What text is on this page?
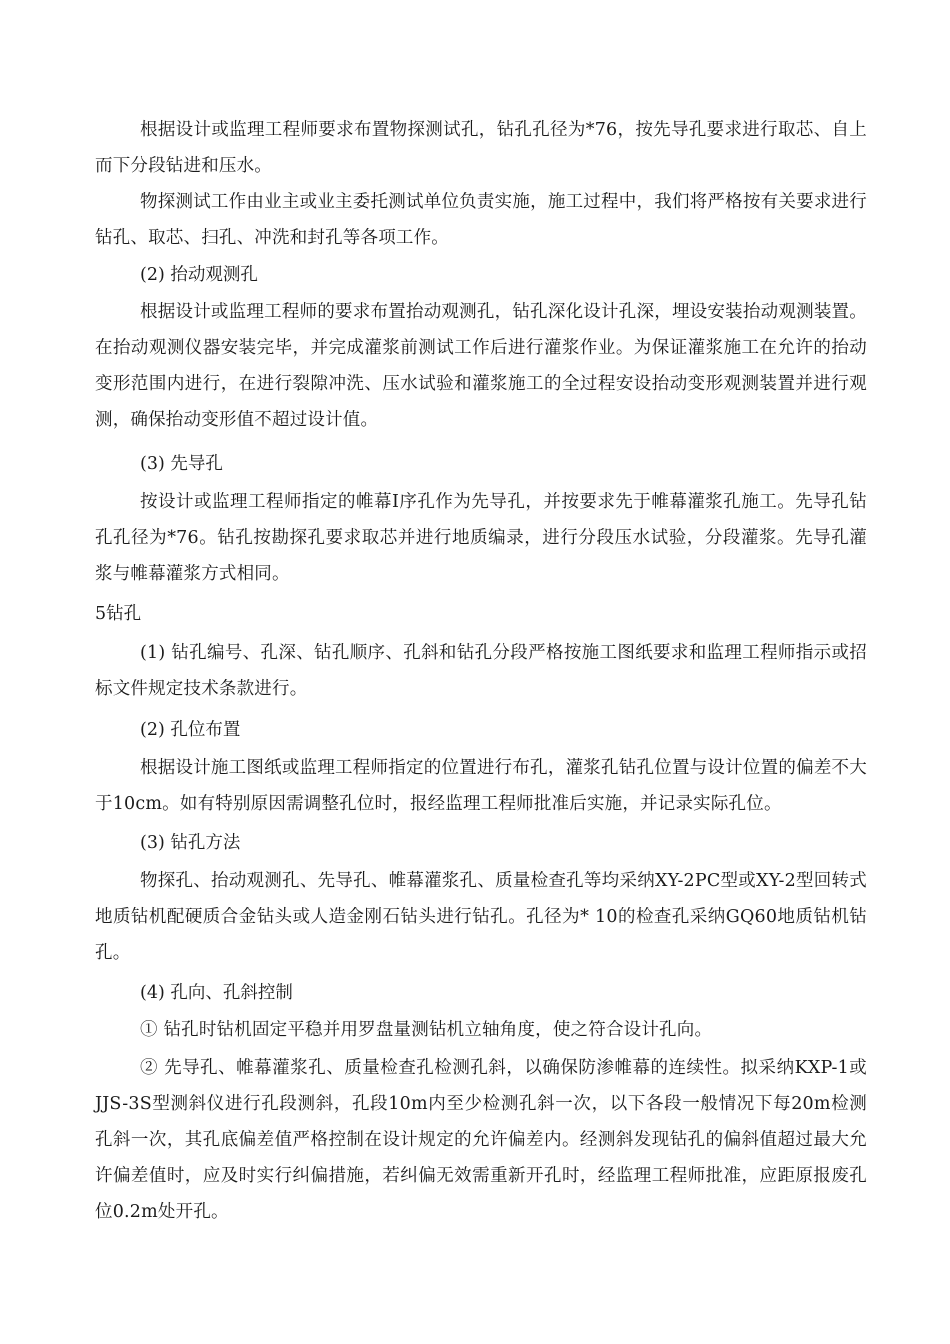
根据设计或监理工程师要求布置物探测试孔，钻孔孔径为*76，按先导孔要求进行取芯、自上而下分段钻进和压水。

物探测试工作由业主或业主委托测试单位负责实施，施工过程中，我们将严格按有关要求进行钻孔、取芯、扫孔、冲洗和封孔等各项工作。

(2) 抬动观测孔

根据设计或监理工程师的要求布置抬动观测孔，钻孔深化设计孔深，埋设安装抬动观测装置。在抬动观测仪器安装完毕，并完成灌浆前测试工作后进行灌浆作业。为保证灌浆施工在允许的抬动变形范围内进行，在进行裂隙冲洗、压水试验和灌浆施工的全过程安设抬动变形观测装置并进行观测，确保抬动变形值不超过设计值。

(3) 先导孔

按设计或监理工程师指定的帷幕Ⅰ序孔作为先导孔，并按要求先于帷幕灌浆孔施工。先导孔钻孔孔径为*76。钻孔按勘探孔要求取芯并进行地质编录，进行分段压水试验，分段灌浆。先导孔灌浆与帷幕灌浆方式相同。

5钻孔

(1) 钻孔编号、孔深、钻孔顺序、孔斜和钻孔分段严格按施工图纸要求和监理工程师指示或招标文件规定技术条款进行。

(2) 孔位布置

根据设计施工图纸或监理工程师指定的位置进行布孔，灌浆孔钻孔位置与设计位置的偏差不大于10cm。如有特别原因需调整孔位时，报经监理工程师批准后实施，并记录实际孔位。

(3) 钻孔方法

物探孔、抬动观测孔、先导孔、帷幕灌浆孔、质量检查孔等均采纳XY-2PC型或XY-2型回转式地质钻机配硬质合金钻头或人造金刚石钻头进行钻孔。孔径为* 10的检查孔采纳GQ60地质钻机钻孔。

(4) 孔向、孔斜控制

① 钻孔时钻机固定平稳并用罗盘量测钻机立轴角度，使之符合设计孔向。

② 先导孔、帷幕灌浆孔、质量检查孔检测孔斜，以确保防渗帷幕的连续性。拟采纳KXP-1或JJS-3S型测斜仪进行孔段测斜，孔段10m内至少检测孔斜一次，以下各段一般情况下每20m检测孔斜一次，其孔底偏差值严格控制在设计规定的允许偏差内。经测斜发现钻孔的偏斜值超过最大允许偏差值时，应及时实行纠偏措施，若纠偏无效需重新开孔时，经监理工程师批准，应距原报废孔位0.2m处开孔。
